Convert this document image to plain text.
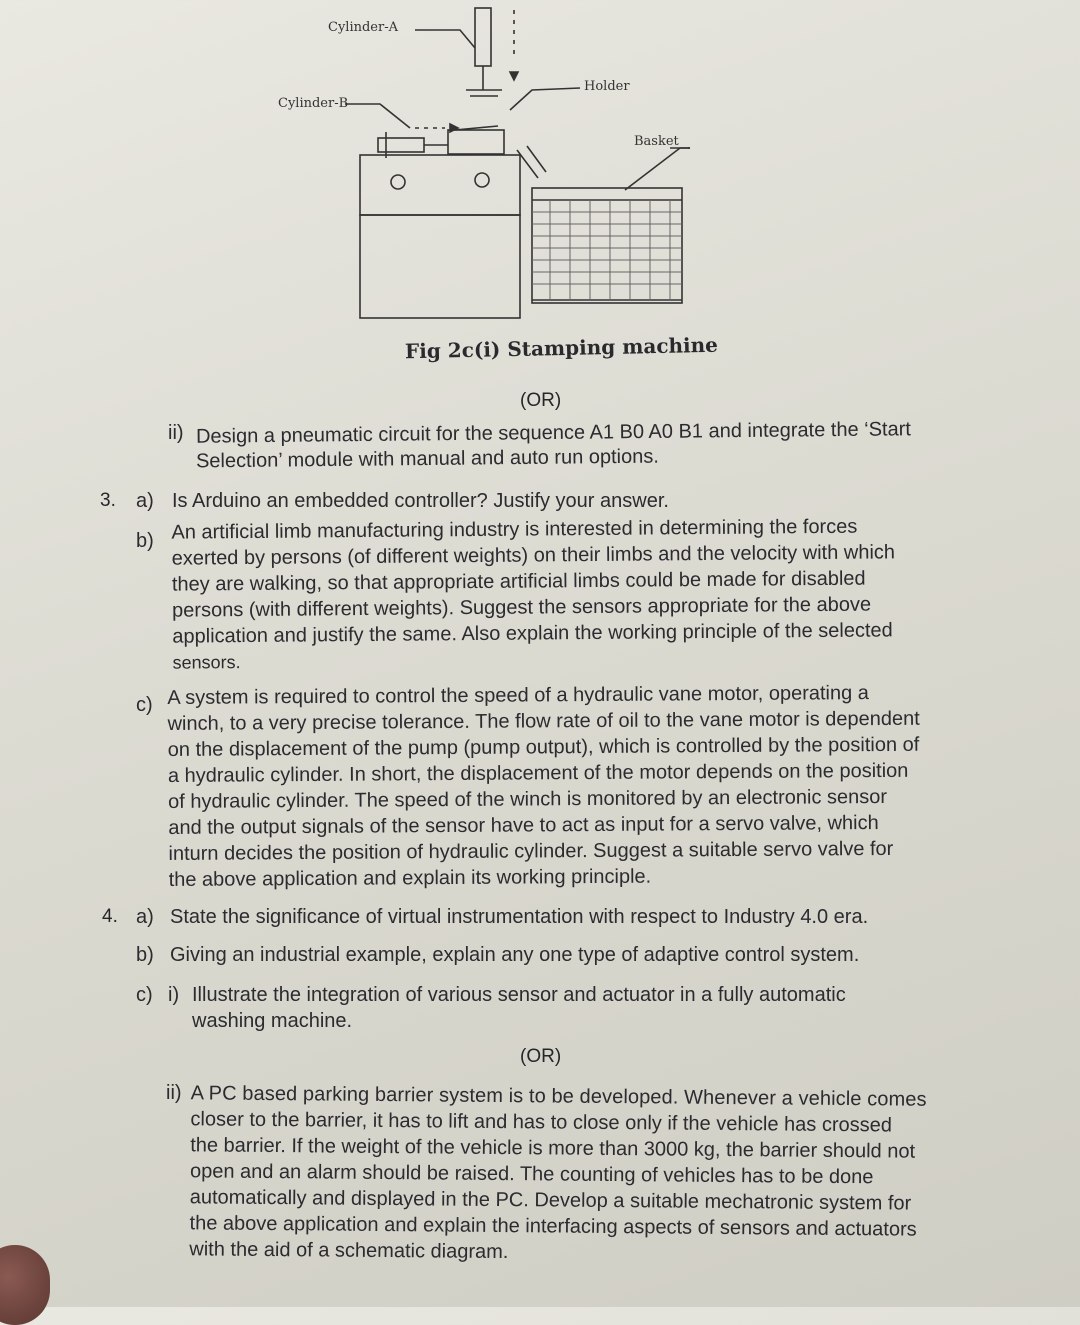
Cylinder-A
Cylinder-B
Holder
Basket
Fig 2c(i) Stamping machine
(OR)
ii) Design a pneumatic circuit for the sequence A1 B0 A0 B1 and integrate the ‘Start
Selection’ module with manual and auto run options.
3. a) Is Arduino an embedded controller? Justify your answer.
b) An artificial limb manufacturing industry is interested in determining the forces
exerted by persons (of different weights) on their limbs and the velocity with which
they are walking, so that appropriate artificial limbs could be made for disabled
persons (with different weights). Suggest the sensors appropriate for the above
application and justify the same. Also explain the working principle of the selected
sensors.
c) A system is required to control the speed of a hydraulic vane motor, operating a
winch, to a very precise tolerance. The flow rate of oil to the vane motor is dependent
on the displacement of the pump (pump output), which is controlled by the position of
a hydraulic cylinder. In short, the displacement of the motor depends on the position
of hydraulic cylinder. The speed of the winch is monitored by an electronic sensor
and the output signals of the sensor have to act as input for a servo valve, which
inturn decides the position of hydraulic cylinder. Suggest a suitable servo valve for
the above application and explain its working principle.
4. a) State the significance of virtual instrumentation with respect to Industry 4.0 era.
b) Giving an industrial example, explain any one type of adaptive control system.
c) i) Illustrate the integration of various sensor and actuator in a fully automatic
washing machine.
(OR)
ii) A PC based parking barrier system is to be developed. Whenever a vehicle comes
closer to the barrier, it has to lift and has to close only if the vehicle has crossed
the barrier. If the weight of the vehicle is more than 3000 kg, the barrier should not
open and an alarm should be raised. The counting of vehicles has to be done
automatically and displayed in the PC. Develop a suitable mechatronic system for
the above application and explain the interfacing aspects of sensors and actuators
with the aid of a schematic diagram.
